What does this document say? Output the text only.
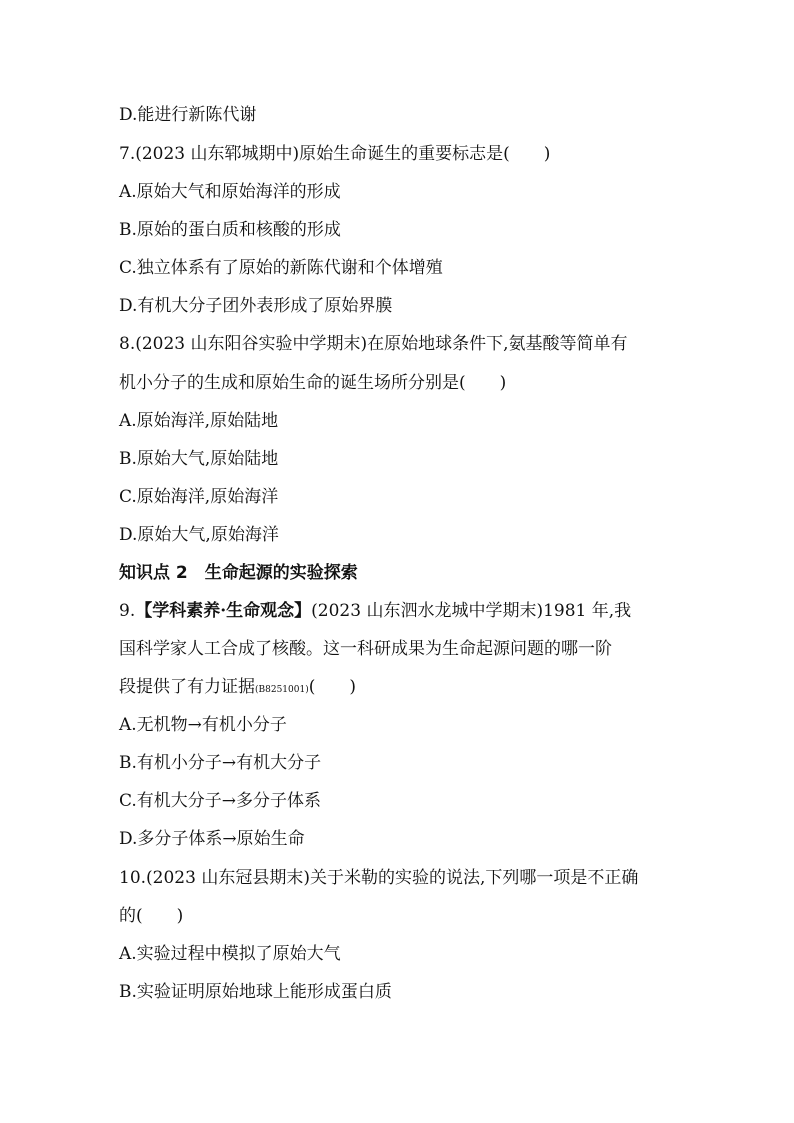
D.能进行新陈代谢
7.(2023 山东郓城期中)原始生命诞生的重要标志是(　　)
A.原始大气和原始海洋的形成
B.原始的蛋白质和核酸的形成
C.独立体系有了原始的新陈代谢和个体增殖
D.有机大分子团外表形成了原始界膜
8.(2023 山东阳谷实验中学期末)在原始地球条件下,氨基酸等简单有
机小分子的生成和原始生命的诞生场所分别是(　　)
A.原始海洋,原始陆地
B.原始大气,原始陆地
C.原始海洋,原始海洋
D.原始大气,原始海洋
知识点 2　生命起源的实验探索
9.【学科素养·生命观念】(2023 山东泗水龙城中学期末)1981 年,我
国科学家人工合成了核酸。这一科研成果为生命起源问题的哪一阶
段提供了有力证据(B8251001)(　　)
A.无机物→有机小分子
B.有机小分子→有机大分子
C.有机大分子→多分子体系
D.多分子体系→原始生命
10.(2023 山东冠县期末)关于米勒的实验的说法,下列哪一项是不正确
的(　　)
A.实验过程中模拟了原始大气
B.实验证明原始地球上能形成蛋白质
